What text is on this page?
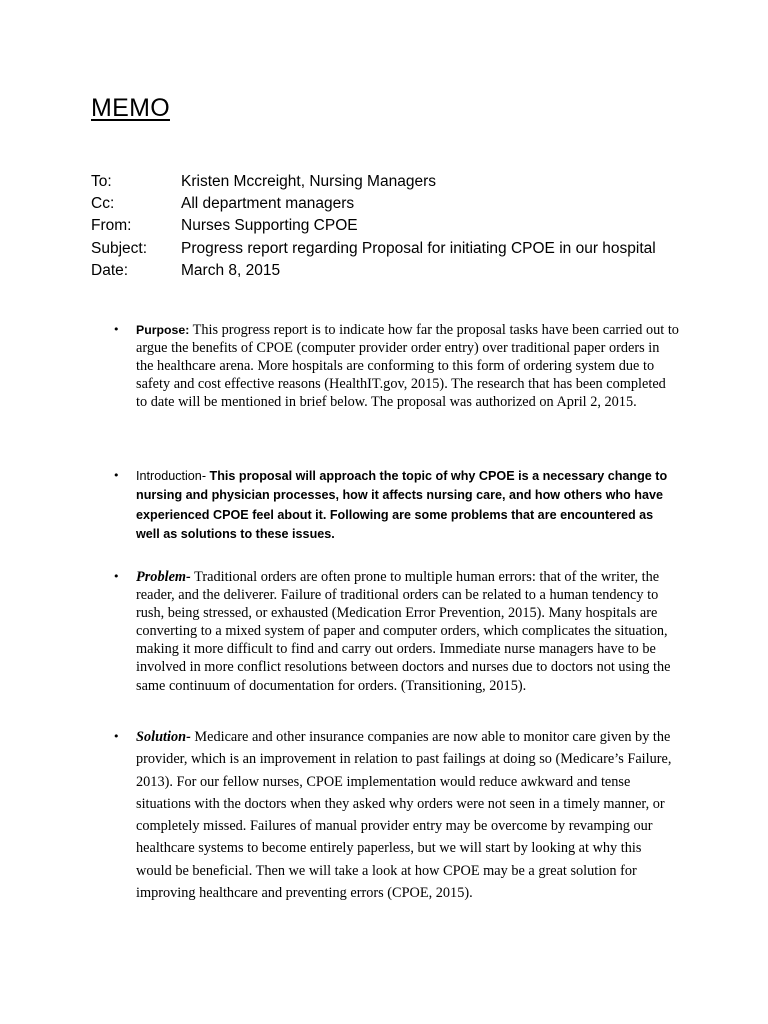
MEMO
To:	Kristen Mccreight, Nursing Managers
Cc:	All department managers
From:	Nurses Supporting CPOE
Subject: Progress report regarding Proposal for initiating CPOE in our hospital
Date:	March 8, 2015
• Purpose: This progress report is to indicate how far the proposal tasks have been carried out to argue the benefits of CPOE (computer provider order entry) over traditional paper orders in the healthcare arena. More hospitals are conforming to this form of ordering system due to safety and cost effective reasons (HealthIT.gov, 2015). The research that has been completed to date will be mentioned in brief below. The proposal was authorized on April 2, 2015.

• Introduction- This proposal will approach the topic of why CPOE is a necessary change to nursing and physician processes, how it affects nursing care, and how others who have experienced CPOE feel about it. Following are some problems that are encountered as well as solutions to these issues.

• Problem- Traditional orders are often prone to multiple human errors: that of the writer, the reader, and the deliverer. Failure of traditional orders can be related to a human tendency to rush, being stressed, or exhausted (Medication Error Prevention, 2015). Many hospitals are converting to a mixed system of paper and computer orders, which complicates the situation, making it more difficult to find and carry out orders. Immediate nurse managers have to be involved in more conflict resolutions between doctors and nurses due to doctors not using the same continuum of documentation for orders. (Transitioning, 2015).

• Solution- Medicare and other insurance companies are now able to monitor care given by the provider, which is an improvement in relation to past failings at doing so (Medicare’s Failure, 2013). For our fellow nurses, CPOE implementation would reduce awkward and tense situations with the doctors when they asked why orders were not seen in a timely manner, or completely missed. Failures of manual provider entry may be overcome by revamping our healthcare systems to become entirely paperless, but we will start by looking at why this would be beneficial. Then we will take a look at how CPOE may be a great solution for improving healthcare and preventing errors (CPOE, 2015).
